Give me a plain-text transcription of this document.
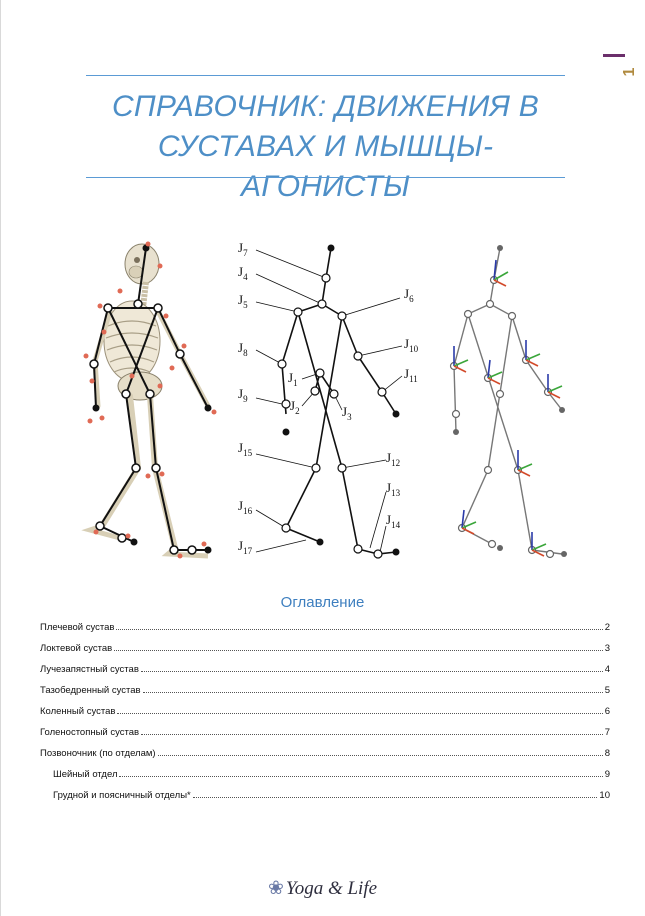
1
СПРАВОЧНИК: ДВИЖЕНИЯ В
СУСТАВАХ И МЫШЦЫ-АГОНИСТЫ
$J_7$
$J_4$
$J_5$
$J_6$
$J_8$
$J_{10}$
$J_1$
$J_{11}$
$J_2$	$J_3$
$J_9$
$J_{15}$	$J_{12}$
$J_{13}$
$J_{16}$
$J_{14}$
$J_{17}$
Оглавление
Плечевой сустав	2
Локтевой сустав	3
Лучезапястный сустав	4
Тазобедренный сустав	5
Коленный сустав	6
Голеностопный сустав	7
Позвоночник (по отделам)	8
Шейный отдел	9
Грудной и поясничный отделы*	10
❀ Yoga & Life
